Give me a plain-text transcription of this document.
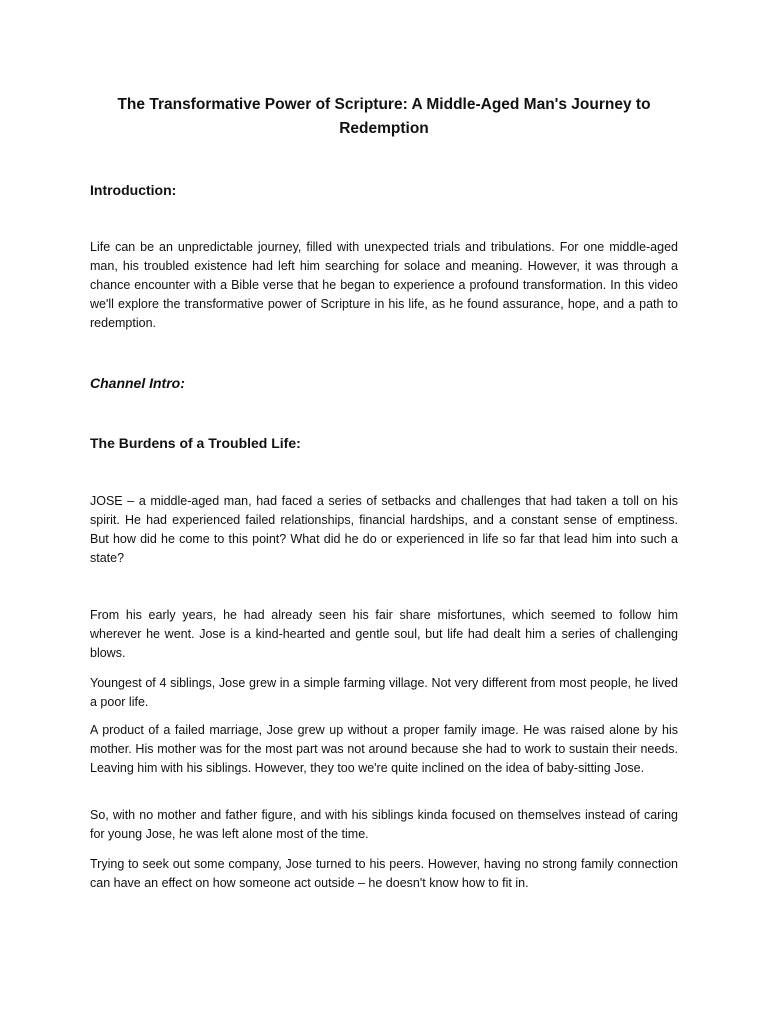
The Transformative Power of Scripture: A Middle-Aged Man's Journey to Redemption
Introduction:

Life can be an unpredictable journey, filled with unexpected trials and tribulations. For one middle-aged man, his troubled existence had left him searching for solace and meaning. However, it was through a chance encounter with a Bible verse that he began to experience a profound transformation. In this video we'll explore the transformative power of Scripture in his life, as he found assurance, hope, and a path to redemption.

Channel Intro:
The Burdens of a Troubled Life:

JOSE – a middle-aged man, had faced a series of setbacks and challenges that had taken a toll on his spirit. He had experienced failed relationships, financial hardships, and a constant sense of emptiness. But how did he come to this point? What did he do or experienced in life so far that lead him into such a state?

From his early years, he had already seen his fair share misfortunes, which seemed to follow him wherever he went. Jose is a kind-hearted and gentle soul, but life had dealt him a series of challenging blows.

Youngest of 4 siblings, Jose grew in a simple farming village. Not very different from most people, he lived a poor life.

A product of a failed marriage, Jose grew up without a proper family image. He was raised alone by his mother. His mother was for the most part was not around because she had to work to sustain their needs. Leaving him with his siblings. However, they too we're quite inclined on the idea of baby-sitting Jose.

So, with no mother and father figure, and with his siblings kinda focused on themselves instead of caring for young Jose, he was left alone most of the time.

Trying to seek out some company, Jose turned to his peers. However, having no strong family connection can have an effect on how someone act outside – he doesn't know how to fit in.
